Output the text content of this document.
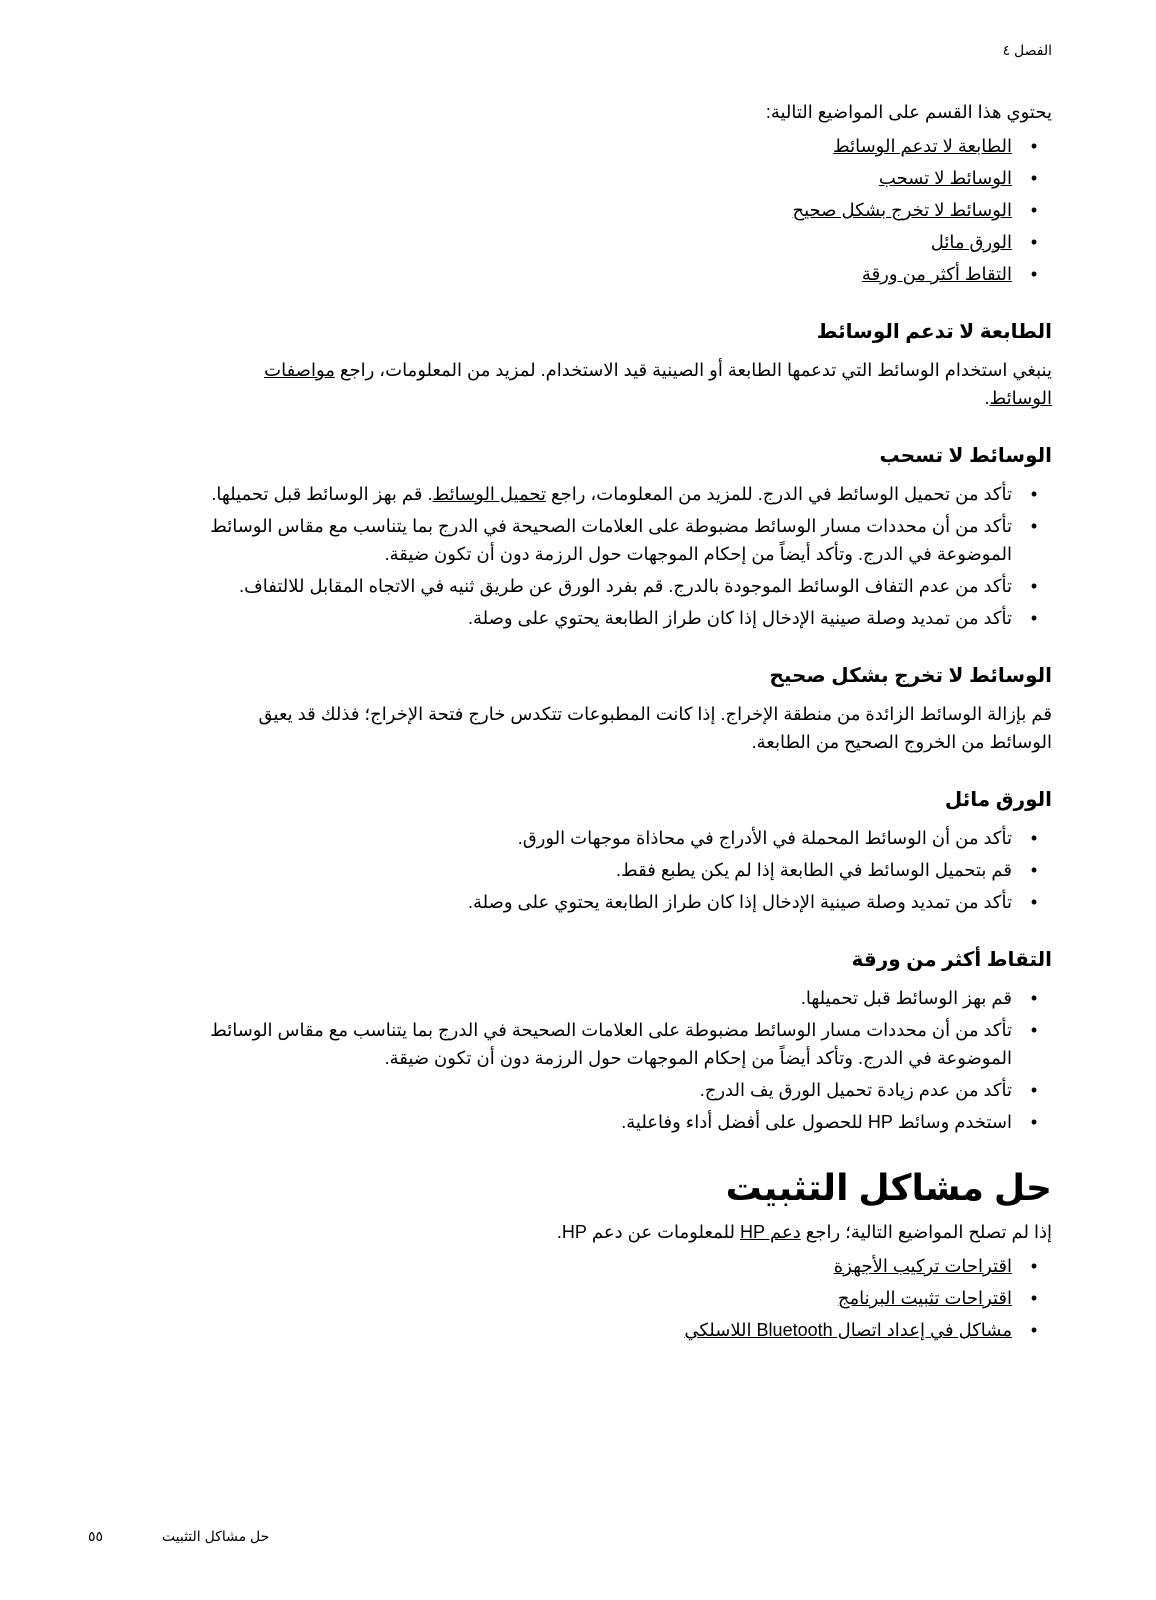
الفصل ٤

يحتوي هذا القسم على المواضيع التالية:

•
الطابعة لا تدعم الوسائط
•
الوسائط لا تسحب
•
الوسائط لا تخرج بشكل صحيح
•
الورق مائل
•
التقاط أكثر من ورقة
الطابعة لا تدعم الوسائط

ينبغي استخدام الوسائط التي تدعمها الطابعة أو الصينية قيد الاستخدام. لمزيد من المعلومات، راجع مواصفات الوسائط.

الوسائط لا تسحب
•
تأكد من تحميل الوسائط في الدرج. للمزيد من المعلومات، راجع تحميل الوسائط. قم بهز الوسائط قبل تحميلها.
•
تأكد من أن محددات مسار الوسائط مضبوطة على العلامات الصحيحة في الدرج بما يتناسب مع مقاس الوسائط الموضوعة في الدرج. وتأكد أيضاً من إحكام الموجهات حول الرزمة دون أن تكون ضيقة.
•
تأكد من عدم التفاف الوسائط الموجودة بالدرج. قم بفرد الورق عن طريق ثنيه في الاتجاه المقابل للالتفاف.
•
تأكد من تمديد وصلة صينية الإدخال إذا كان طراز الطابعة يحتوي على وصلة.
الوسائط لا تخرج بشكل صحيح

قم بإزالة الوسائط الزائدة من منطقة الإخراج. إذا كانت المطبوعات تتكدس خارج فتحة الإخراج؛ فذلك قد يعيق الوسائط من الخروج الصحيح من الطابعة.

الورق مائل
•
تأكد من أن الوسائط المحملة في الأدراج في محاذاة موجهات الورق.
•
قم بتحميل الوسائط في الطابعة إذا لم يكن يطبع فقط.
•
تأكد من تمديد وصلة صينية الإدخال إذا كان طراز الطابعة يحتوي على وصلة.
التقاط أكثر من ورقة
•
قم بهز الوسائط قبل تحميلها.
•
تأكد من أن محددات مسار الوسائط مضبوطة على العلامات الصحيحة في الدرج بما يتناسب مع مقاس الوسائط الموضوعة في الدرج. وتأكد أيضاً من إحكام الموجهات حول الرزمة دون أن تكون ضيقة.
•
تأكد من عدم زيادة تحميل الورق يف الدرج.
•
استخدم وسائط HP للحصول على أفضل أداء وفاعلية.
حل مشاكل التثبيت

إذا لم تصلح المواضيع التالية؛ راجع دعم HP للمعلومات عن دعم HP.

•
اقتراحات تركيب الأجهزة
•
اقتراحات تثبيت البرنامج
•
مشاكل في إعداد اتصال Bluetooth اللاسلكي
٥٥	حل مشاكل التثبيت
